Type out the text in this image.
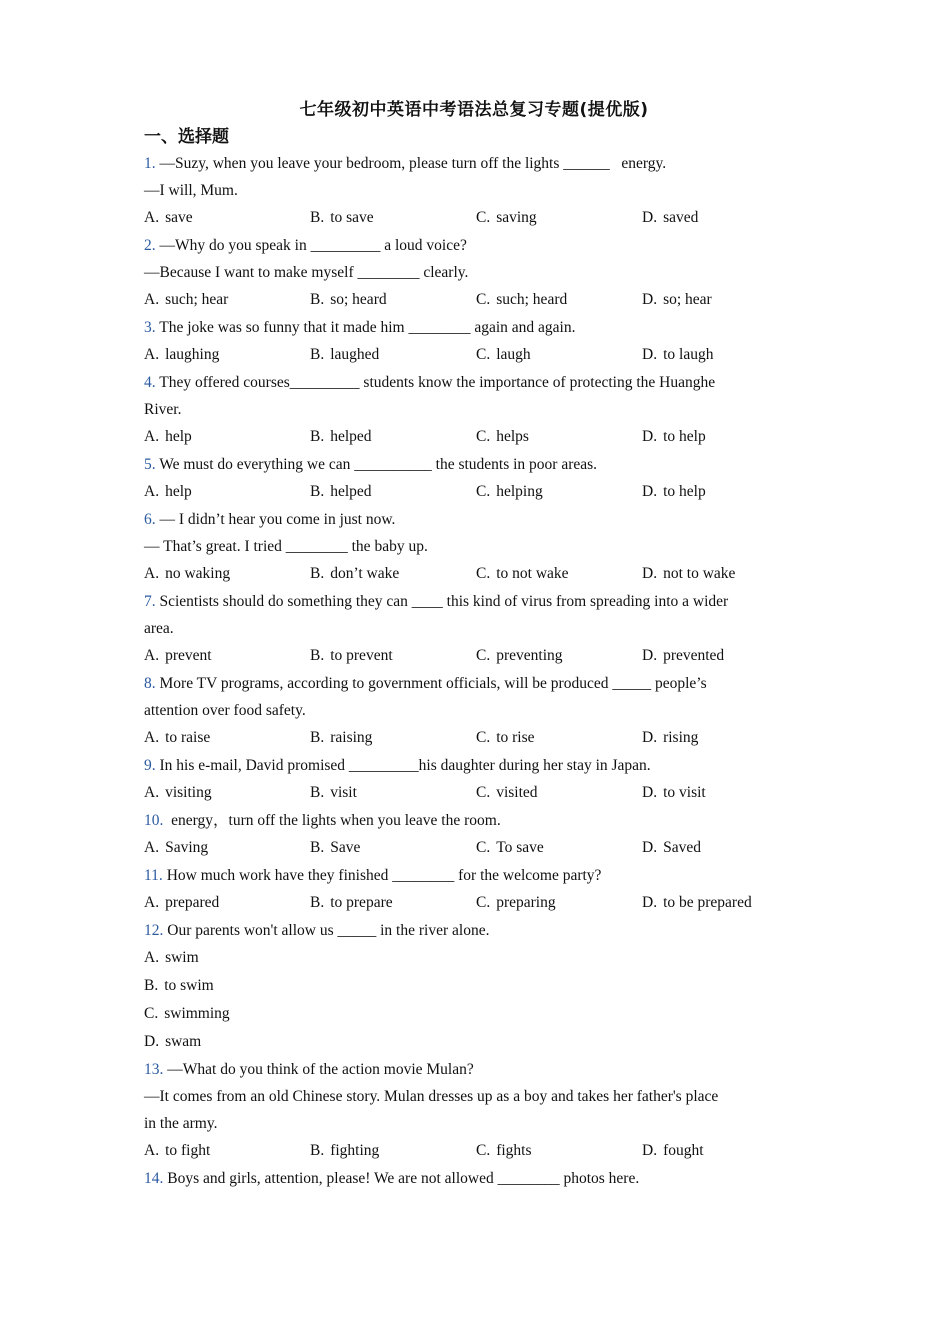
七年级初中英语中考语法总复习专题(提优版)
一、选择题
1. —Suzy, when you leave your bedroom, please turn off the lights ______   energy.
—I will, Mum.
A. save	B. to save	C. saving	D. saved
2. —Why do you speak in _________ a loud voice?
—Because I want to make myself ________ clearly.
A. such; hear	B. so; heard	C. such; heard	D. so; hear
3. The joke was so funny that it made him ________ again and again.
A. laughing	B. laughed	C. laugh	D. to laugh
4. They offered courses_________ students know the importance of protecting the Huanghe
River.
A. help	B. helped	C. helps	D. to help
5. We must do everything we can __________ the students in poor areas.
A. help	B. helped	C. helping	D. to help
6. — I didn’t hear you come in just now.
— That’s great. I tried ________ the baby up.
A. no waking	B. don’t wake	C. to not wake	D. not to wake
7. Scientists should do something they can ____ this kind of virus from spreading into a wider
area.
A. prevent	B. to prevent	C. preventing	D. prevented
8. More TV programs, according to government officials, will be produced _____ people’s
attention over food safety.
A. to raise	B. raising	C. to rise	D. rising
9. In his e-mail, David promised _________his daughter during her stay in Japan.
A. visiting	B. visit	C. visited	D. to visit
10.  energy，turn off the lights when you leave the room.
A. Saving	B. Save	C. To save	D. Saved
11. How much work have they finished ________ for the welcome party?
A. prepared	B. to prepare	C. preparing	D. to be prepared
12. Our parents won't allow us _____ in the river alone.
A. swim
B. to swim
C. swimming
D. swam
13. —What do you think of the action movie Mulan?
—It comes from an old Chinese story. Mulan dresses up as a boy and takes her father's place
in the army.
A. to fight	B. fighting	C. fights	D. fought
14. Boys and girls, attention, please! We are not allowed ________ photos here.
